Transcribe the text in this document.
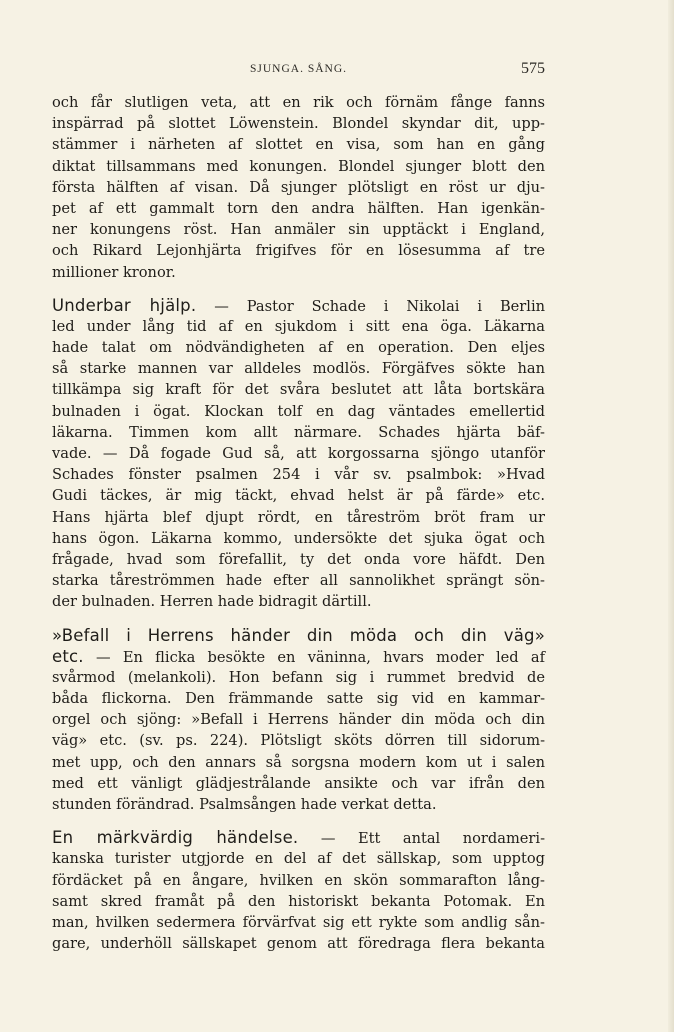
SJUNGA. SÅNG.	575
och får slutligen veta, att en rik och förnäm fånge fanns
inspärrad på slottet Löwenstein. Blondel skyndar dit, upp-
stämmer i närheten af slottet en visa, som han en gång
diktat tillsammans med konungen. Blondel sjunger blott den
första hälften af visan. Då sjunger plötsligt en röst ur dju-
pet af ett gammalt torn den andra hälften. Han igenkän-
ner konungens röst. Han anmäler sin upptäckt i England,
och Rikard Lejonhjärta frigifves för en lösesumma af tre
millioner kronor.
Underbar hjälp. — Pastor Schade i Nikolai i Berlin
led under lång tid af en sjukdom i sitt ena öga. Läkarna
hade talat om nödvändigheten af en operation. Den eljes
så starke mannen var alldeles modlös. Förgäfves sökte han
tillkämpa sig kraft för det svåra beslutet att låta bortskära
bulnaden i ögat. Klockan tolf en dag väntades emellertid
läkarna. Timmen kom allt närmare. Schades hjärta bäf-
vade. — Då fogade Gud så, att korgossarna sjöngo utanför
Schades fönster psalmen 254 i vår sv. psalmbok: »Hvad
Gudi täckes, är mig täckt, ehvad helst är på färde» etc.
Hans hjärta blef djupt rördt, en tåreström bröt fram ur
hans ögon. Läkarna kommo, undersökte det sjuka ögat och
frågade, hvad som förefallit, ty det onda vore häfdt. Den
starka tåreströmmen hade efter all sannolikhet sprängt sön-
der bulnaden. Herren hade bidragit därtill.
»Befall i Herrens händer din möda och din väg»
etc. — En flicka besökte en väninna, hvars moder led af
svårmod (melankoli). Hon befann sig i rummet bredvid de
båda flickorna. Den främmande satte sig vid en kammar-
orgel och sjöng: »Befall i Herrens händer din möda och din
väg» etc. (sv. ps. 224). Plötsligt sköts dörren till sidorum-
met upp, och den annars så sorgsna modern kom ut i salen
med ett vänligt glädjestrålande ansikte och var ifrån den
stunden förändrad. Psalmsången hade verkat detta.
En märkvärdig händelse. — Ett antal nordameri-
kanska turister utgjorde en del af det sällskap, som upptog
fördäcket på en ångare, hvilken en skön sommarafton lång-
samt skred framåt på den historiskt bekanta Potomak. En
man, hvilken sedermera förvärfvat sig ett rykte som andlig sån-
gare, underhöll sällskapet genom att föredraga flera bekanta
